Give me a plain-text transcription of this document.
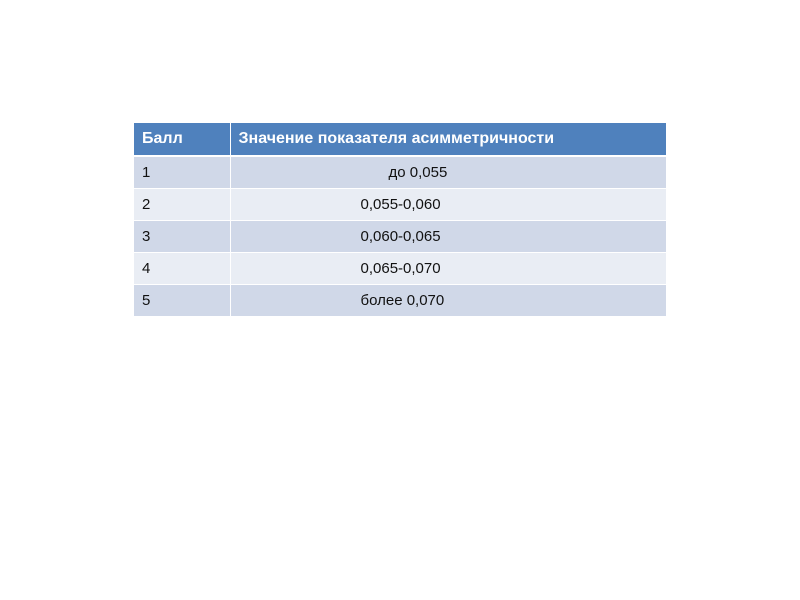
Балл	Значение показателя асимметричности
1	до 0,055
2	0,055-0,060
3	0,060-0,065
4	0,065-0,070
5	более 0,070
